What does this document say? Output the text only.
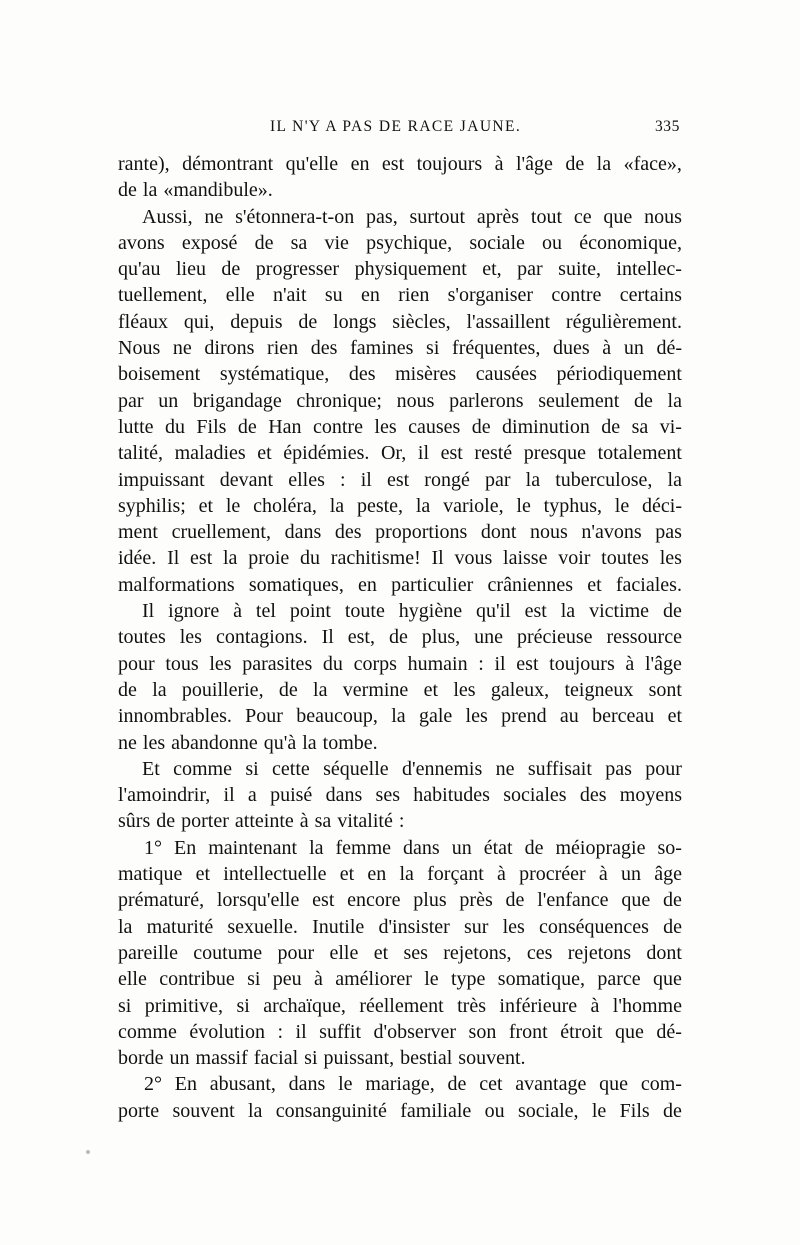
IL N'Y A PAS DE RACE JAUNE.	335
rante), démontrant qu'elle en est toujours à l'âge de la «face»,
de la «mandibule».
Aussi, ne s'étonnera-t-on pas, surtout après tout ce que nous
avons exposé de sa vie psychique, sociale ou économique,
qu'au lieu de progresser physiquement et, par suite, intellec-
tuellement, elle n'ait su en rien s'organiser contre certains
fléaux qui, depuis de longs siècles, l'assaillent régulièrement.
Nous ne dirons rien des famines si fréquentes, dues à un dé-
boisement systématique, des misères causées périodiquement
par un brigandage chronique; nous parlerons seulement de la
lutte du Fils de Han contre les causes de diminution de sa vi-
talité, maladies et épidémies. Or, il est resté presque totalement
impuissant devant elles : il est rongé par la tuberculose, la
syphilis; et le choléra, la peste, la variole, le typhus, le déci-
ment cruellement, dans des proportions dont nous n'avons pas
idée. Il est la proie du rachitisme! Il vous laisse voir toutes les
malformations somatiques, en particulier crâniennes et faciales.
Il ignore à tel point toute hygiène qu'il est la victime de
toutes les contagions. Il est, de plus, une précieuse ressource
pour tous les parasites du corps humain : il est toujours à l'âge
de la pouillerie, de la vermine et les galeux, teigneux sont
innombrables. Pour beaucoup, la gale les prend au berceau et
ne les abandonne qu'à la tombe.
Et comme si cette séquelle d'ennemis ne suffisait pas pour
l'amoindrir, il a puisé dans ses habitudes sociales des moyens
sûrs de porter atteinte à sa vitalité :
1° En maintenant la femme dans un état de méiopragie so-
matique et intellectuelle et en la forçant à procréer à un âge
prématuré, lorsqu'elle est encore plus près de l'enfance que de
la maturité sexuelle. Inutile d'insister sur les conséquences de
pareille coutume pour elle et ses rejetons, ces rejetons dont
elle contribue si peu à améliorer le type somatique, parce que
si primitive, si archaïque, réellement très inférieure à l'homme
comme évolution : il suffit d'observer son front étroit que dé-
borde un massif facial si puissant, bestial souvent.
2° En abusant, dans le mariage, de cet avantage que com-
porte souvent la consanguinité familiale ou sociale, le Fils de
